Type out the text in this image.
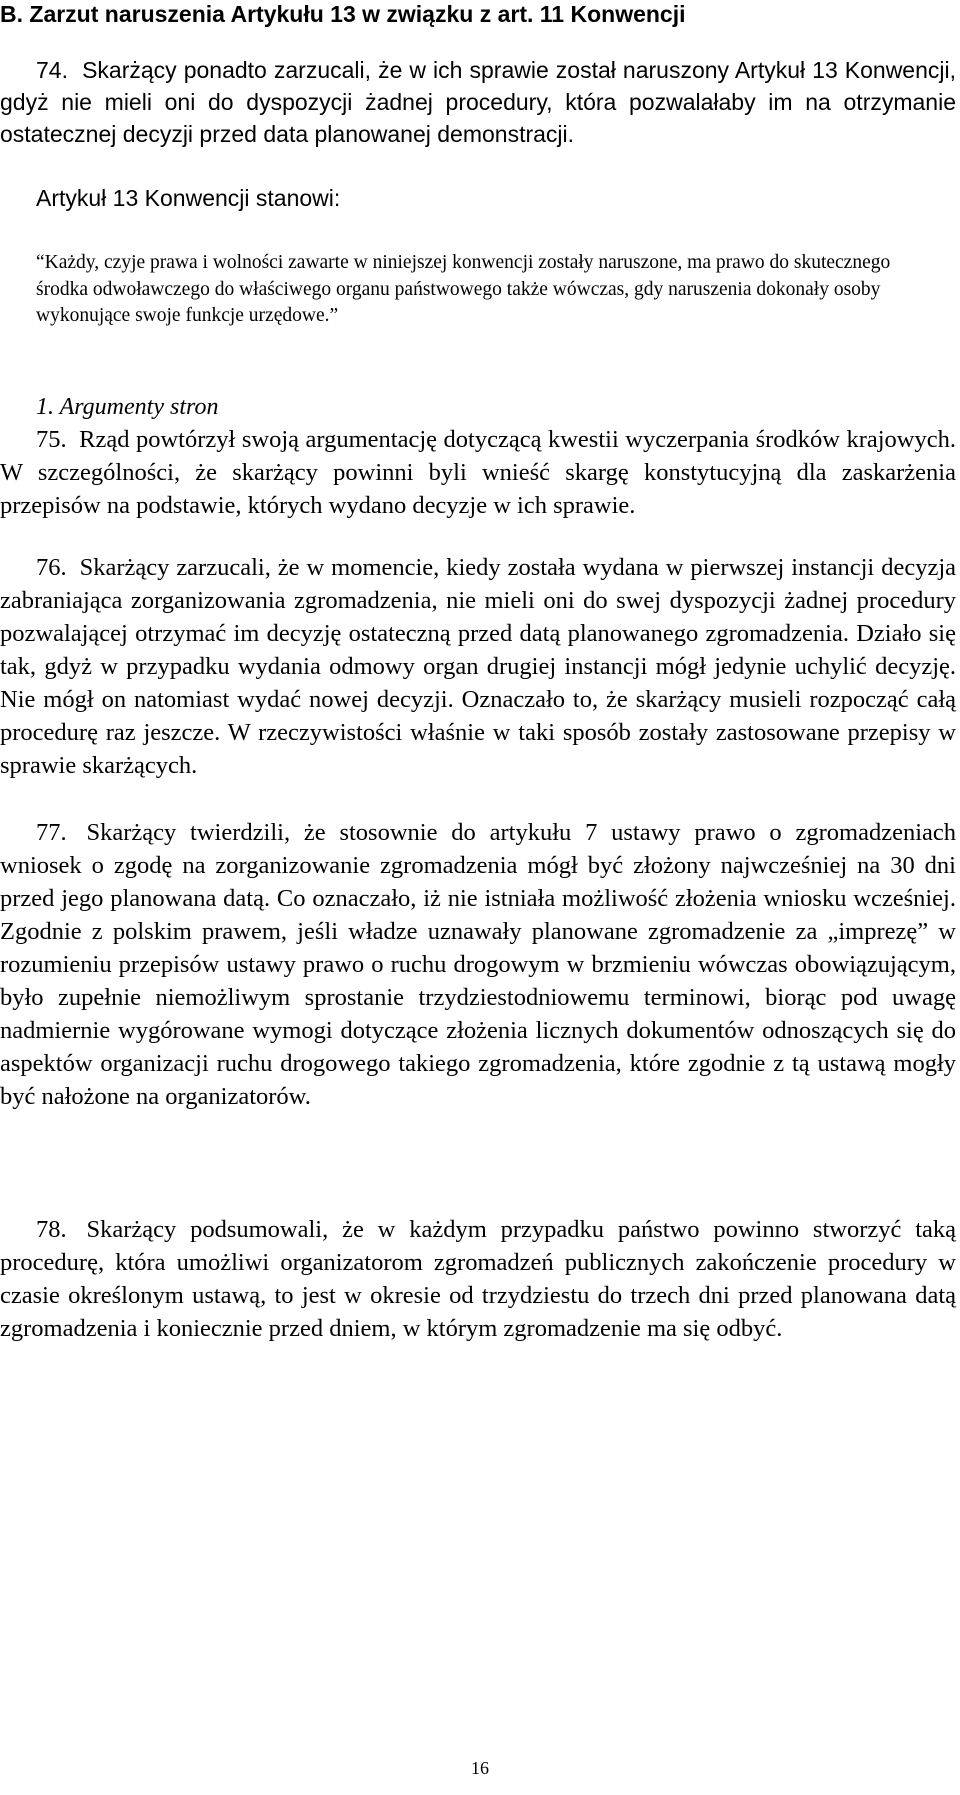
B. Zarzut naruszenia Artykułu 13 w związku z art. 11 Konwencji

74. Skarżący ponadto zarzucali, że w ich sprawie został naruszony Artykuł 13 Konwencji, gdyż nie mieli oni do dyspozycji żadnej procedury, która pozwalałaby im na otrzymanie ostatecznej decyzji przed data planowanej demonstracji.

Artykuł 13 Konwencji stanowi:

“Każdy, czyje prawa i wolności zawarte w niniejszej konwencji zostały naruszone, ma prawo do skutecznego środka odwoławczego do właściwego organu państwowego także wówczas, gdy naruszenia dokonały osoby wykonujące swoje funkcje urzędowe.”

1. Argumenty stron

75. Rząd powtórzył swoją argumentację dotyczącą kwestii wyczerpania środków krajowych. W szczególności, że skarżący powinni byli wnieść skargę konstytucyjną dla zaskarżenia przepisów na podstawie, których wydano decyzje w ich sprawie.

76. Skarżący zarzucali, że w momencie, kiedy została wydana w pierwszej instancji decyzja zabraniająca zorganizowania zgromadzenia, nie mieli oni do swej dyspozycji żadnej procedury pozwalającej otrzymać im decyzję ostateczną przed datą planowanego zgromadzenia. Działo się tak, gdyż w przypadku wydania odmowy organ drugiej instancji mógł jedynie uchylić decyzję. Nie mógł on natomiast wydać nowej decyzji. Oznaczało to, że skarżący musieli rozpocząć całą procedurę raz jeszcze. W rzeczywistości właśnie w taki sposób zostały zastosowane przepisy w sprawie skarżących.

77. Skarżący twierdzili, że stosownie do artykułu 7 ustawy prawo o zgromadzeniach wniosek o zgodę na zorganizowanie zgromadzenia mógł być złożony najwcześniej na 30 dni przed jego planowana datą. Co oznaczało, iż nie istniała możliwość złożenia wniosku wcześniej. Zgodnie z polskim prawem, jeśli władze uznawały planowane zgromadzenie za „imprezę” w rozumieniu przepisów ustawy prawo o ruchu drogowym w brzmieniu wówczas obowiązującym, było zupełnie niemożliwym sprostanie trzydziestodniowemu terminowi, biorąc pod uwagę nadmiernie wygórowane wymogi dotyczące złożenia licznych dokumentów odnoszących się do aspektów organizacji ruchu drogowego takiego zgromadzenia, które zgodnie z tą ustawą mogły być nałożone na organizatorów.

78. Skarżący podsumowali, że w każdym przypadku państwo powinno stworzyć taką procedurę, która umożliwi organizatorom zgromadzeń publicznych zakończenie procedury w czasie określonym ustawą, to jest w okresie od trzydziestu do trzech dni przed planowana datą zgromadzenia i koniecznie przed dniem, w którym zgromadzenie ma się odbyć.

16
